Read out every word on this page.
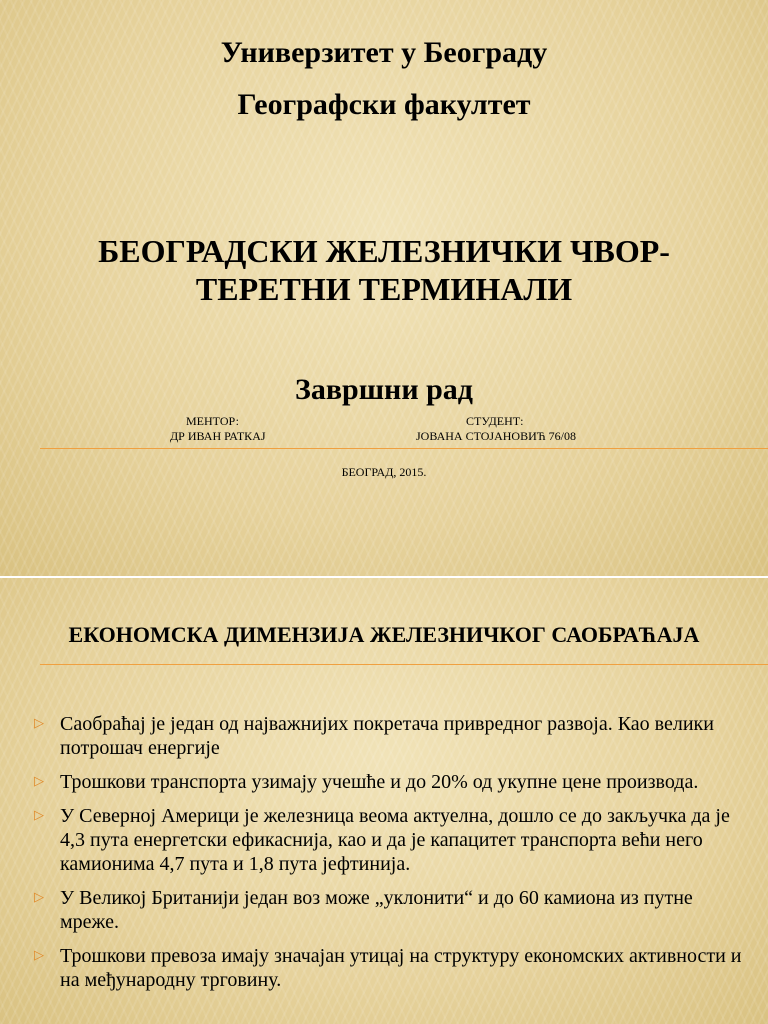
Универзитет у Београду
Географски факултет
БЕОГРАДСКИ ЖЕЛЕЗНИЧКИ ЧВОР-ТЕРЕТНИ ТЕРМИНАЛИ
Завршни рад
МЕНТОР:
ДР ИВАН РАТКАЈ
СТУДЕНТ:
ЈОВАНА СТОЈАНОВИЋ 76/08
БЕОГРАД, 2015.
ЕКОНОМСКА ДИМЕНЗИЈА ЖЕЛЕЗНИЧКОГ САОБРАЋАЈА
▷ Саобраћај је један од најважнијих покретача привредног развоја. Као велики потрошач енергије
▷ Трошкови транспорта узимају учешће и до 20% од укупне цене производа.
▷ У Северној Америци је железница веома актуелна, дошло се до закључка да је 4,3 пута енергетски ефикаснија, као и да је капацитет транспорта већи него камионима 4,7 пута и 1,8 пута јефтинија.
▷ У Великој Британији један воз може „уклонити“ и до 60 камиона из путне мреже.
▷ Трошкови превоза имају значајан утицај на структуру економских активности и на међународну трговину.
